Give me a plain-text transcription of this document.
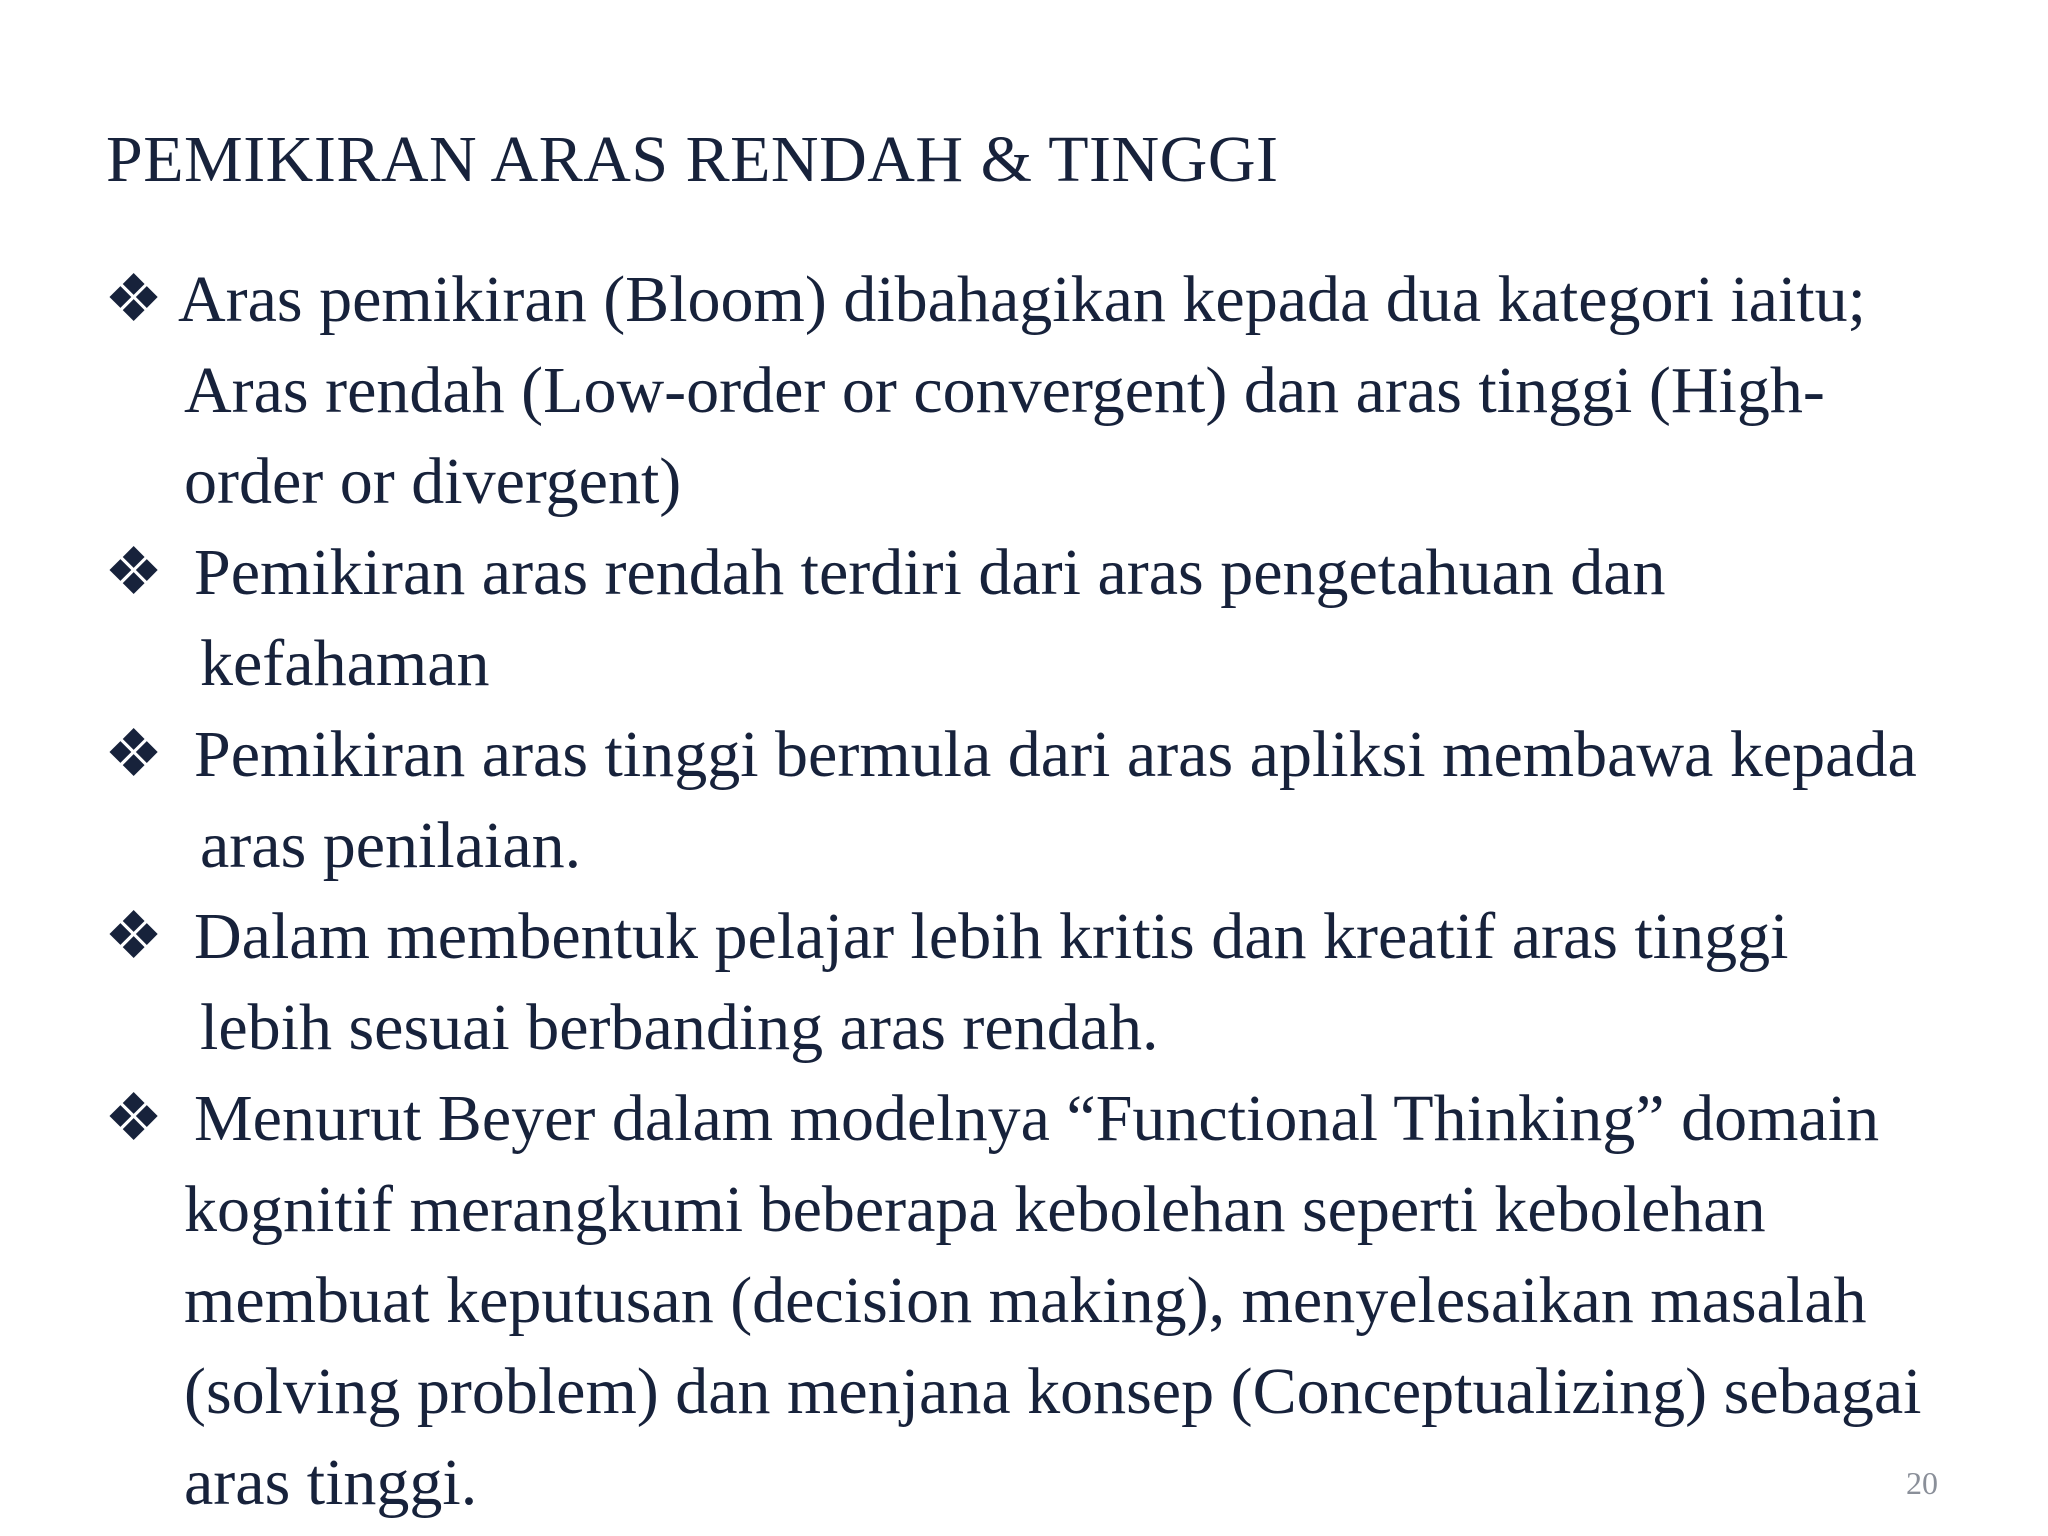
PEMIKIRAN ARAS RENDAH & TINGGI
❖ Aras pemikiran (Bloom) dibahagikan kepada dua kategori iaitu;
Aras rendah (Low-order or convergent) dan aras tinggi (High-
order or divergent)
❖ Pemikiran aras rendah terdiri dari aras pengetahuan dan
kefahaman
❖ Pemikiran aras tinggi bermula dari aras apliksi membawa kepada
aras penilaian.
❖ Dalam membentuk pelajar lebih kritis dan kreatif aras tinggi
lebih sesuai berbanding aras rendah.
❖ Menurut Beyer dalam modelnya “Functional Thinking” domain
kognitif merangkumi beberapa kebolehan seperti kebolehan
membuat keputusan (decision making), menyelesaikan masalah
(solving problem) dan menjana konsep (Conceptualizing) sebagai
aras tinggi.	20
